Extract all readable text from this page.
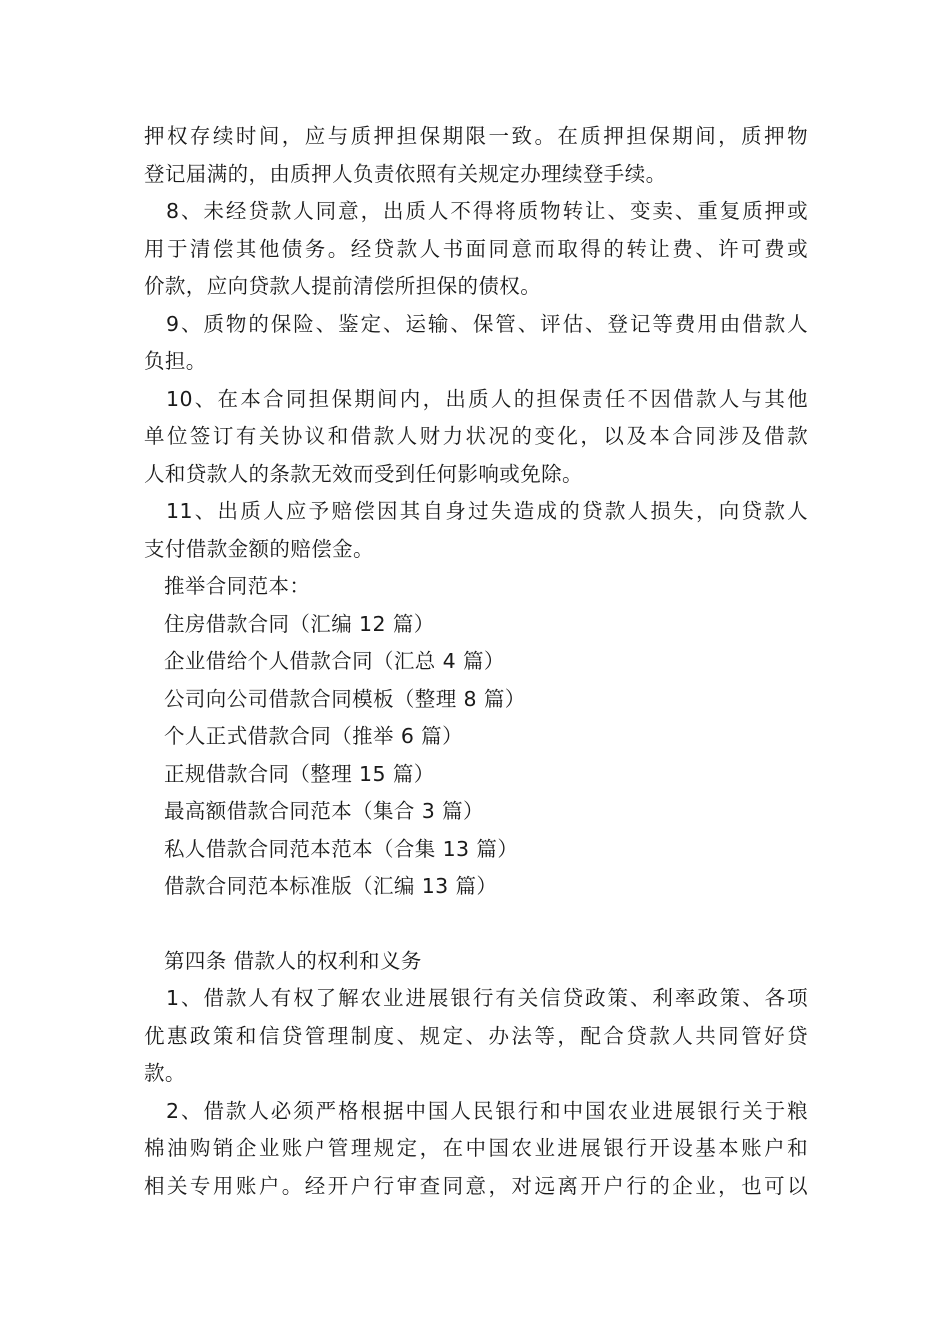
押权存续时间，应与质押担保期限一致。在质押担保期间，质押物
登记届满的，由质押人负责依照有关规定办理续登手续。
8、未经贷款人同意，出质人不得将质物转让、变卖、重复质押或
用于清偿其他债务。经贷款人书面同意而取得的转让费、许可费或
价款，应向贷款人提前清偿所担保的债权。
9、质物的保险、鉴定、运输、保管、评估、登记等费用由借款人
负担。
10、在本合同担保期间内，出质人的担保责任不因借款人与其他
单位签订有关协议和借款人财力状况的变化，以及本合同涉及借款
人和贷款人的条款无效而受到任何影响或免除。
11、出质人应予赔偿因其自身过失造成的贷款人损失，向贷款人
支付借款金额的赔偿金。
推举合同范本：
住房借款合同（汇编 12 篇）
企业借给个人借款合同（汇总 4 篇）
公司向公司借款合同模板（整理 8 篇）
个人正式借款合同（推举 6 篇）
正规借款合同（整理 15 篇）
最高额借款合同范本（集合 3 篇）
私人借款合同范本范本（合集 13 篇）
借款合同范本标准版（汇编 13 篇）
第四条 借款人的权利和义务
1、借款人有权了解农业进展银行有关信贷政策、利率政策、各项
优惠政策和信贷管理制度、规定、办法等，配合贷款人共同管好贷
款。
2、借款人必须严格根据中国人民银行和中国农业进展银行关于粮
棉油购销企业账户管理规定，在中国农业进展银行开设基本账户和
相关专用账户。经开户行审查同意，对远离开户行的企业，也可以
